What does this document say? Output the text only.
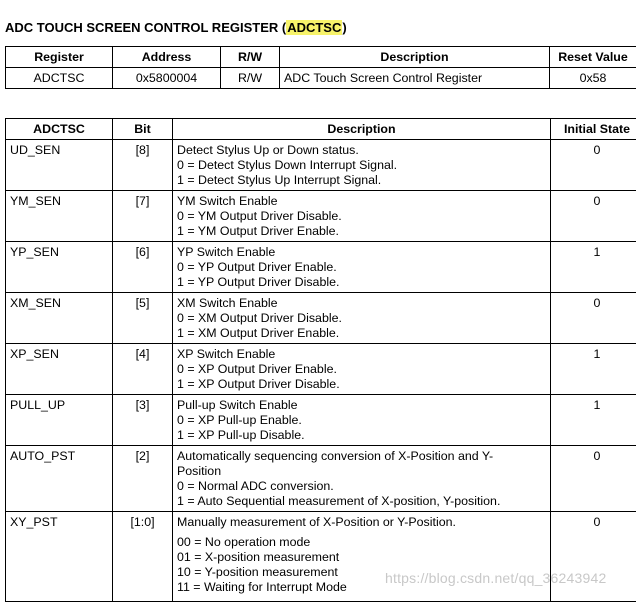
ADC TOUCH SCREEN CONTROL REGISTER (ADCTSC)
Register	Address	R/W	Description	Reset Value
ADCTSC	0x5800004	R/W	ADC Touch Screen Control Register	0x58
ADCTSC	Bit	Description	Initial State
UD_SEN	[8]	Detect Stylus Up or Down status.
0 = Detect Stylus Down Interrupt Signal.
1 = Detect Stylus Up Interrupt Signal.	0
YM_SEN	[7]	YM Switch Enable
0 = YM Output Driver Disable.
1 = YM Output Driver Enable.	0
YP_SEN	[6]	YP Switch Enable
0 = YP Output Driver Enable.
1 = YP Output Driver Disable.	1
XM_SEN	[5]	XM Switch Enable
0 = XM Output Driver Disable.
1 = XM Output Driver Enable.	0
XP_SEN	[4]	XP Switch Enable
0 = XP Output Driver Enable.
1 = XP Output Driver Disable.	1
PULL_UP	[3]	Pull-up Switch Enable
0 = XP Pull-up Enable.
1 = XP Pull-up Disable.	1
AUTO_PST	[2]	Automatically sequencing conversion of X-Position and Y-
Position
0 = Normal ADC conversion.
1 = Auto Sequential measurement of X-position, Y-position.	0
XY_PST	[1:0]	Manually measurement of X-Position or Y-Position.
00 = No operation mode
01 = X-position measurement
10 = Y-position measurement
11 = Waiting for Interrupt Mode	0
https://blog.csdn.net/qq_36243942
